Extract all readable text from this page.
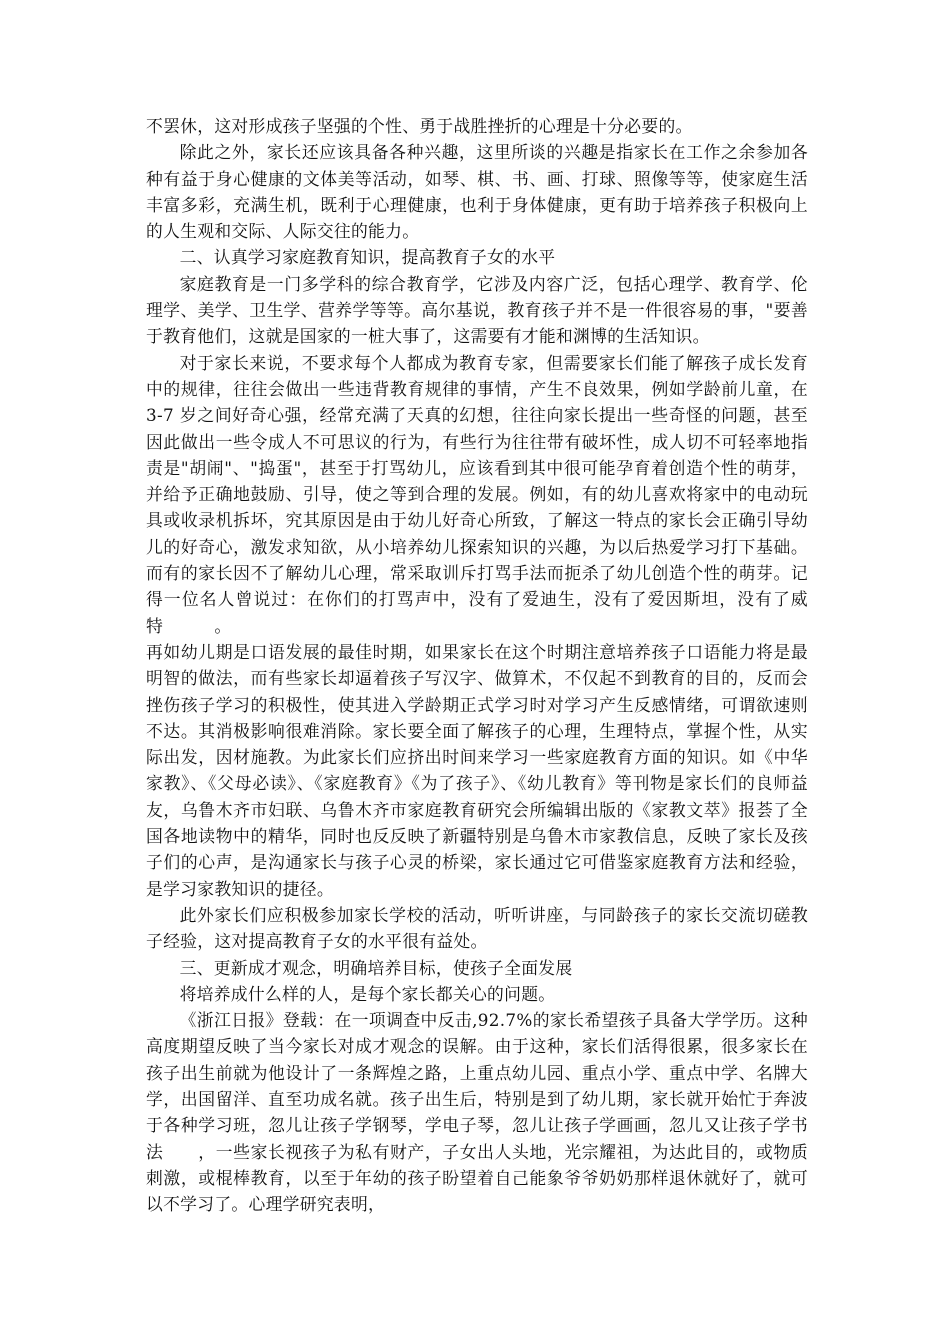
不罢休，这对形成孩子坚强的个性、勇于战胜挫折的心理是十分必要的。

除此之外，家长还应该具备各种兴趣，这里所谈的兴趣是指家长在工作之余参加各种有益于身心健康的文体美等活动，如琴、棋、书、画、打球、照像等等，使家庭生活丰富多彩，充满生机，既利于心理健康，也利于身体健康，更有助于培养孩子积极向上的人生观和交际、人际交往的能力。

二、认真学习家庭教育知识，提高教育子女的水平

家庭教育是一门多学科的综合教育学，它涉及内容广泛，包括心理学、教育学、伦理学、美学、卫生学、营养学等等。高尔基说，教育孩子并不是一件很容易的事，"要善于教育他们，这就是国家的一桩大事了，这需要有才能和渊博的生活知识。

对于家长来说，不要求每个人都成为教育专家，但需要家长们能了解孩子成长发育中的规律，往往会做出一些违背教育规律的事情，产生不良效果，例如学龄前儿童，在 3-7 岁之间好奇心强，经常充满了天真的幻想，往往向家长提出一些奇怪的问题，甚至因此做出一些令成人不可思议的行为，有些行为往往带有破坏性，成人切不可轻率地指责是"胡闹"、"捣蛋"，甚至于打骂幼儿，应该看到其中很可能孕育着创造个性的萌芽，并给予正确地鼓励、引导，使之等到合理的发展。例如，有的幼儿喜欢将家中的电动玩具或收录机拆坏，究其原因是由于幼儿好奇心所致，了解这一特点的家长会正确引导幼儿的好奇心，激发求知欲，从小培养幼儿探索知识的兴趣，为以后热爱学习打下基础。而有的家长因不了解幼儿心理，常采取训斥打骂手法而扼杀了幼儿创造个性的萌芽。记得一位名人曾说过：在你们的打骂声中，没有了爱迪生，没有了爱因斯坦，没有了威特　　　。

再如幼儿期是口语发展的最佳时期，如果家长在这个时期注意培养孩子口语能力将是最明智的做法，而有些家长却逼着孩子写汉字、做算术，不仅起不到教育的目的，反而会挫伤孩子学习的积极性，使其进入学龄期正式学习时对学习产生反感情绪，可谓欲速则不达。其消极影响很难消除。家长要全面了解孩子的心理，生理特点，掌握个性，从实际出发，因材施教。为此家长们应挤出时间来学习一些家庭教育方面的知识。如《中华家教》、《父母必读》、《家庭教育》《为了孩子》、《幼儿教育》等刊物是家长们的良师益友，乌鲁木齐市妇联、乌鲁木齐市家庭教育研究会所编辑出版的《家教文萃》报荟了全国各地读物中的精华，同时也反反映了新疆特别是乌鲁木市家教信息，反映了家长及孩子们的心声，是沟通家长与孩子心灵的桥梁，家长通过它可借鉴家庭教育方法和经验，是学习家教知识的捷径。

此外家长们应积极参加家长学校的活动，听听讲座，与同龄孩子的家长交流切磋教子经验，这对提高教育子女的水平很有益处。

三、更新成才观念，明确培养目标，使孩子全面发展

将培养成什么样的人，是每个家长都关心的问题。

《浙江日报》登载：在一项调查中反击,92.7%的家长希望孩子具备大学学历。这种高度期望反映了当今家长对成才观念的误解。由于这种，家长们活得很累，很多家长在孩子出生前就为他设计了一条辉煌之路，上重点幼儿园、重点小学、重点中学、名牌大学，出国留洋、直至功成名就。孩子出生后，特别是到了幼儿期，家长就开始忙于奔波于各种学习班，忽儿让孩子学钢琴，学电子琴，忽儿让孩子学画画，忽儿又让孩子学书法　　，一些家长视孩子为私有财产，子女出人头地，光宗耀祖，为达此目的，或物质刺激，或棍棒教育，以至于年幼的孩子盼望着自己能象爷爷奶奶那样退休就好了，就可以不学习了。心理学研究表明，
